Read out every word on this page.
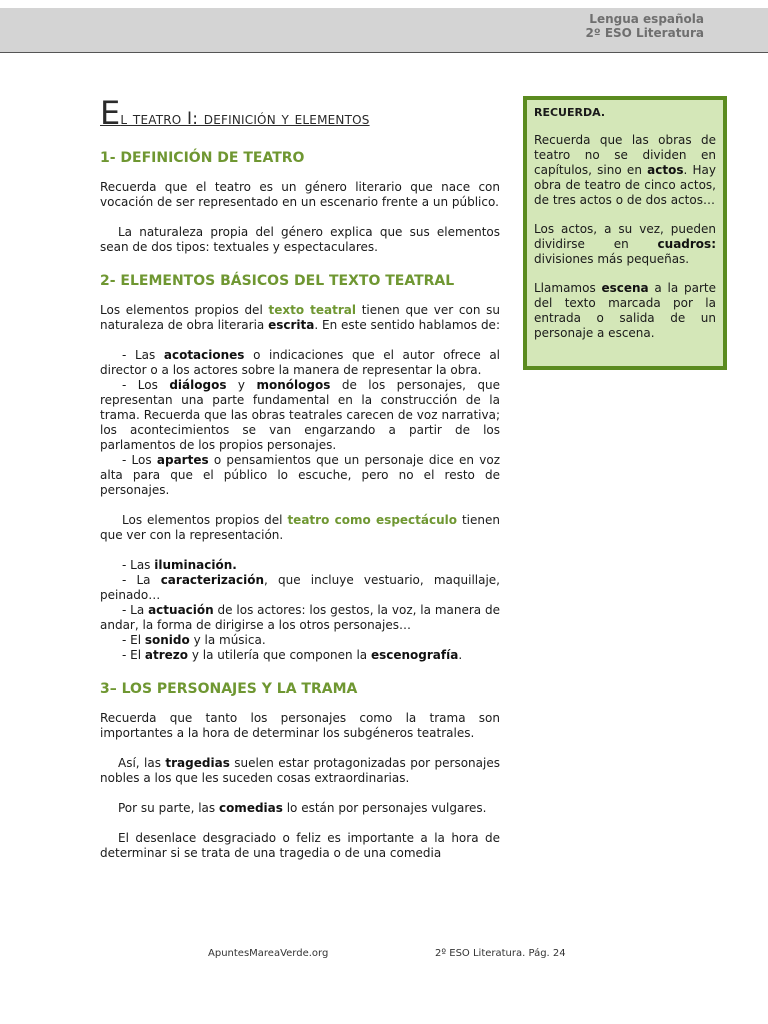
Lengua española
2º ESO Literatura
El teatro I: definición y elementos
1- DEFINICIÓN DE TEATRO

Recuerda que el teatro es un género literario que nace con vocación de ser representado en un escenario frente a un público.

La naturaleza propia del género explica que sus elementos sean de dos tipos: textuales y espectaculares.

2- ELEMENTOS BÁSICOS DEL TEXTO TEATRAL

Los elementos propios del texto teatral tienen que ver con su naturaleza de obra literaria escrita. En este sentido hablamos de:

- Las acotaciones o indicaciones que el autor ofrece al director o a los actores sobre la manera de representar la obra.

- Los diálogos y monólogos de los personajes, que representan una parte fundamental en la construcción de la trama. Recuerda que las obras teatrales carecen de voz narrativa; los acontecimientos se van engarzando a partir de los parlamentos de los propios personajes.

- Los apartes o pensamientos que un personaje dice en voz alta para que el público lo escuche, pero no el resto de personajes.

Los elementos propios del teatro como espectáculo tienen que ver con la representación.

- Las iluminación.

- La caracterización, que incluye vestuario, maquillaje, peinado…

- La actuación de los actores: los gestos, la voz, la manera de andar, la forma de dirigirse a los otros personajes…

- El sonido y la música.

- El atrezo y la utilería que componen la escenografía.

3– LOS PERSONAJES Y LA TRAMA

Recuerda que tanto los personajes como la trama son importantes a la hora de determinar los subgéneros teatrales.

Así, las tragedias suelen estar protagonizadas por personajes nobles a los que les suceden cosas extraordinarias.

Por su parte, las comedias lo están por personajes vulgares.

El desenlace desgraciado o feliz es importante a la hora de determinar si se trata de una tragedia o de una comedia

RECUERDA.

Recuerda que las obras de teatro no se dividen en capítulos, sino en actos. Hay obra de teatro de cinco actos, de tres actos o de dos actos…

Los actos, a su vez, pueden dividirse en cuadros: divisiones más pequeñas.

Llamamos escena a la parte del texto marcada por la entrada o salida de un personaje a escena.

ApuntesMareaVerde.org	2º ESO Literatura. Pág. 24
